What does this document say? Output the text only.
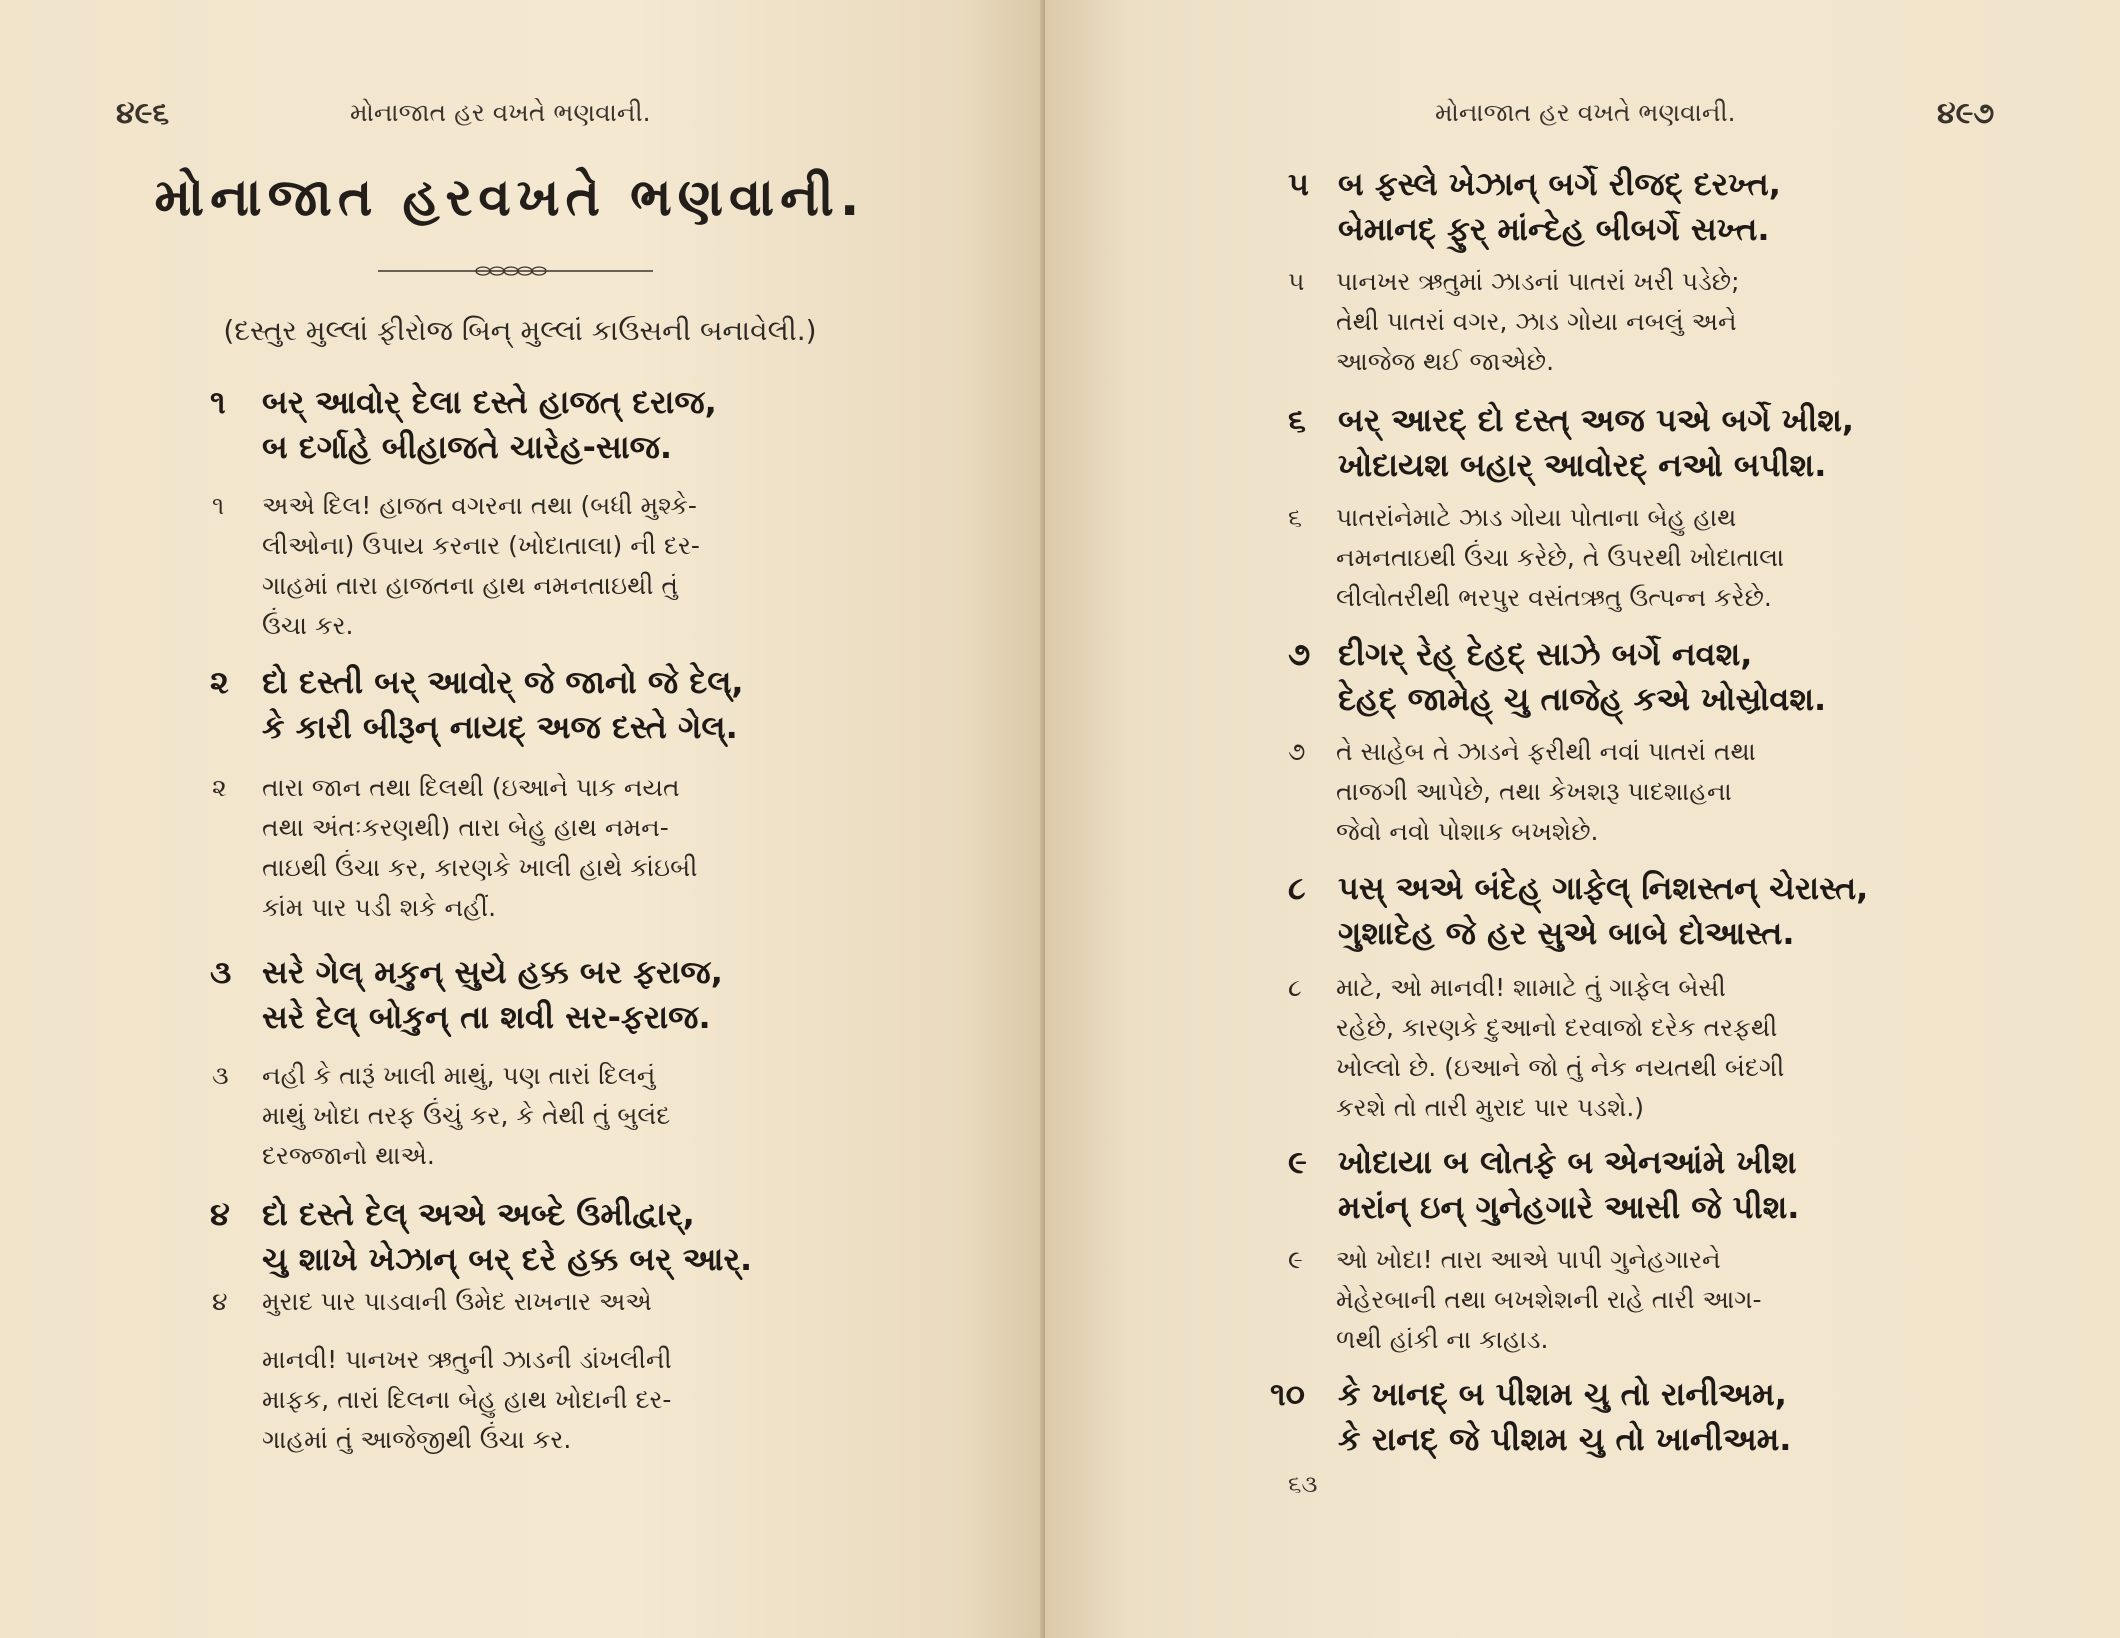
૪૯૬	મોનાજાત હર વખતે ભણવાની.
મોનાજાત હરવખતે ભણવાની.
(દસ્તુર મુલ્લાં ફીરોજ બિન્ મુલ્લાં કાઉસની બનાવેલી.)
૧ બર્ આવોર્ દેલા દસ્તે હાજત્ દરાજ,
બ દર્ગાહે બીહાજતે ચારેહ-સાજ.
૧ અએ દિલ! હાજત વગરના તથા (બધી મુશ્કે-
લીઓના) ઉપાય કરનાર (ખોદાતાલા) ની દર-
ગાહમાં તારા હાજતના હાથ નમનતાઇથી તું
ઉંચા કર.
૨ દો દસ્તી બર્ આવોર્ જે જાનો જે દેલ્,
કે કારી બીરૂન્ નાયદ્ અજ દસ્તે ગેલ્.
૨ તારા જાન તથા દિલથી (ઇઆને પાક નયત
તથા અંતઃકરણથી) તારા બેહુ હાથ નમન-
તાઇથી ઉંચા કર, કારણકે ખાલી હાથે કાંઇબી
કાંમ પાર પડી શકે નહીં.
૩ સરે ગેલ્ મકુન્ સુયે હક્ક બર ફરાજ,
સરે દેલ્ બોકુન્ તા શવી સર-ફરાજ.
૩ નહી કે તારૂં ખાલી માથું, પણ તારાં દિલનું
માથું ખોદા તરફ ઉંચું કર, કે તેથી તું બુલંદ
દરજ્જાનો થાએ.
૪ દો દસ્તે દેલ્ અએ અબ્દે ઉમીદ્વાર્,
ચુ શાખે ખેઝાન્ બર્ દરે હક્ક બર્ આર્.
૪ મુરાદ પાર પાડવાની ઉમેદ રાખનાર અએ
માનવી! પાનખર ઋતુની ઝાડની ડાંખલીની
માફક, તારાં દિલના બેહુ હાથ ખોદાની દર-
ગાહમાં તું આજેજીથી ઉંચા કર.
મોનાજાત હર વખતે ભણવાની.	૪૯૭
૫ બ ફસ્લે ખેઝાન્ બર્ગે રીજદ્ દરખ્ત,
બેમાનદ્ ફુર્ માંન્દેહ બીબર્ગે સખ્ત.
૫ પાનખર ઋતુમાં ઝાડનાં પાતરાં ખરી પડેછે;
તેથી પાતરાં વગર, ઝાડ ગોયા નબલું અને
આજેજ થઈ જાએછે.
૬ બર્ આરદ્ દો દસ્ત્ અજ પએ બર્ગે ખીશ,
ખોદાયશ બહાર્ આવોરદ્ નઓ બપીશ.
૬ પાતરાંનેમાટે ઝાડ ગોયા પોતાના બેહુ હાથ
નમનતાઇથી ઉંચા કરેછે, તે ઉપરથી ખોદાતાલા
લીલોતરીથી ભરપુર વસંતઋતુ ઉત્પન્ન કરેછે.
૭ દીગર્ રેહ્ દેહદ્ સાઝે બર્ગે નવશ,
દેહદ્ જામેહ્ ચુ તાજેહ્ કએ ખોસ્રોવશ.
૭ તે સાહેબ તે ઝાડને ફરીથી નવાં પાતરાં તથા
તાજગી આપેછે, તથા કેખશરૂ પાદશાહના
જેવો નવો પોશાક બખશેછે.
૮ પસ્ અએ બંદેહ્ ગાફેલ્ નિશસ્તન્ ચેરાસ્ત,
ગુશાદેહ જે હર સુએ બાબે દોઆસ્ત.
૮ માટે, ઓ માનવી! શામાટે તું ગાફેલ બેસી
રહેછે, કારણકે દુઆનો દરવાજો દરેક તરફથી
ખોલ્લો છે. (ઇઆને જો તું નેક નયતથી બંદગી
કરશે તો તારી મુરાદ પાર પડશે.)
૯ ખોદાયા બ લોતફે બ એનઆંમે ખીશ
મરાંન્ ઇન્ ગુનેહગારે આસી જે પીશ.
૯ ઓ ખોદા! તારા આએ પાપી ગુનેહગારને
મેહેરબાની તથા બખશેશની રાહે તારી આગ-
ળથી હાંકી ના કાહાડ.
૧૦ કે ખાનદ્ બ પીશમ ચુ તો રાનીઅમ,
કે રાનદ્ જે પીશમ ચુ તો ખાનીઅમ.
૬૩
